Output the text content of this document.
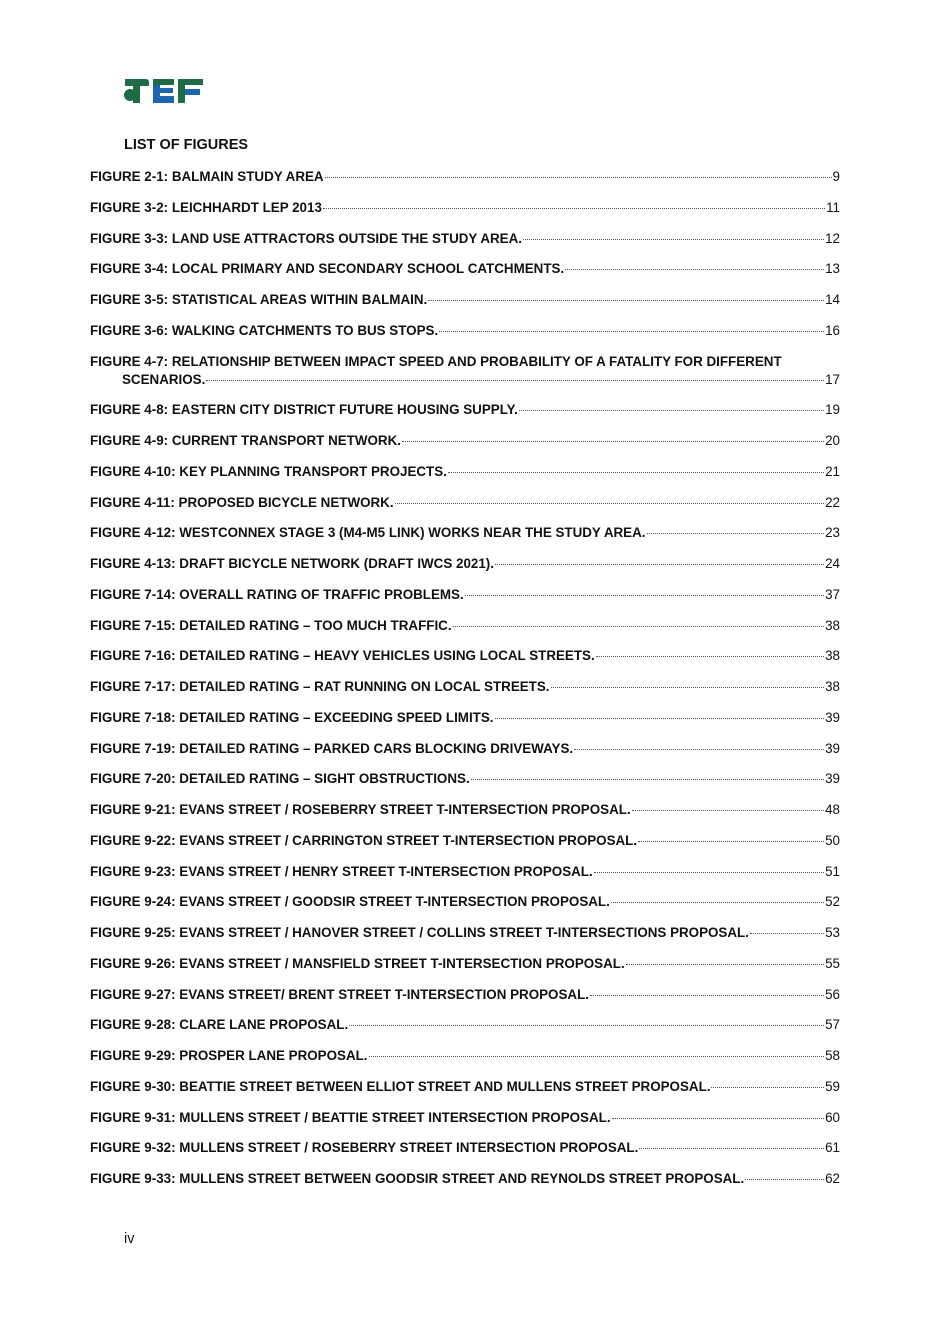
LIST OF FIGURES
FIGURE 2-1: BALMAIN STUDY AREA	9
FIGURE 3-2: LEICHHARDT LEP 2013	11
FIGURE 3-3: LAND USE ATTRACTORS OUTSIDE THE STUDY AREA.	12
FIGURE 3-4: LOCAL PRIMARY AND SECONDARY SCHOOL CATCHMENTS.	13
FIGURE 3-5: STATISTICAL AREAS WITHIN BALMAIN.	14
FIGURE 3-6: WALKING CATCHMENTS TO BUS STOPS.	16
FIGURE 4-7: RELATIONSHIP BETWEEN IMPACT SPEED AND PROBABILITY OF A FATALITY FOR DIFFERENT
SCENARIOS.	17
FIGURE 4-8: EASTERN CITY DISTRICT FUTURE HOUSING SUPPLY.	19
FIGURE 4-9: CURRENT TRANSPORT NETWORK.	20
FIGURE 4-10: KEY PLANNING TRANSPORT PROJECTS.	21
FIGURE 4-11: PROPOSED BICYCLE NETWORK.	22
FIGURE 4-12: WESTCONNEX STAGE 3 (M4-M5 LINK) WORKS NEAR THE STUDY AREA.	23
FIGURE 4-13: DRAFT BICYCLE NETWORK (DRAFT IWCS 2021).	24
FIGURE 7-14: OVERALL RATING OF TRAFFIC PROBLEMS.	37
FIGURE 7-15: DETAILED RATING – TOO MUCH TRAFFIC.	38
FIGURE 7-16: DETAILED RATING – HEAVY VEHICLES USING LOCAL STREETS.	38
FIGURE 7-17: DETAILED RATING – RAT RUNNING ON LOCAL STREETS.	38
FIGURE 7-18: DETAILED RATING – EXCEEDING SPEED LIMITS.	39
FIGURE 7-19: DETAILED RATING – PARKED CARS BLOCKING DRIVEWAYS.	39
FIGURE 7-20: DETAILED RATING – SIGHT OBSTRUCTIONS.	39
FIGURE 9-21: EVANS STREET / ROSEBERRY STREET T-INTERSECTION PROPOSAL.	48
FIGURE 9-22: EVANS STREET / CARRINGTON STREET T-INTERSECTION PROPOSAL.	50
FIGURE 9-23: EVANS STREET / HENRY STREET T-INTERSECTION PROPOSAL.	51
FIGURE 9-24: EVANS STREET / GOODSIR STREET T-INTERSECTION PROPOSAL.	52
FIGURE 9-25: EVANS STREET / HANOVER STREET / COLLINS STREET T-INTERSECTIONS PROPOSAL.	53
FIGURE 9-26: EVANS STREET / MANSFIELD STREET T-INTERSECTION PROPOSAL.	55
FIGURE 9-27: EVANS STREET/ BRENT STREET T-INTERSECTION PROPOSAL.	56
FIGURE 9-28: CLARE LANE PROPOSAL.	57
FIGURE 9-29: PROSPER LANE PROPOSAL.	58
FIGURE 9-30: BEATTIE STREET BETWEEN ELLIOT STREET AND MULLENS STREET PROPOSAL.	59
FIGURE 9-31: MULLENS STREET / BEATTIE STREET INTERSECTION PROPOSAL.	60
FIGURE 9-32: MULLENS STREET / ROSEBERRY STREET INTERSECTION PROPOSAL.	61
FIGURE 9-33: MULLENS STREET BETWEEN GOODSIR STREET AND REYNOLDS STREET PROPOSAL.	62
iv
